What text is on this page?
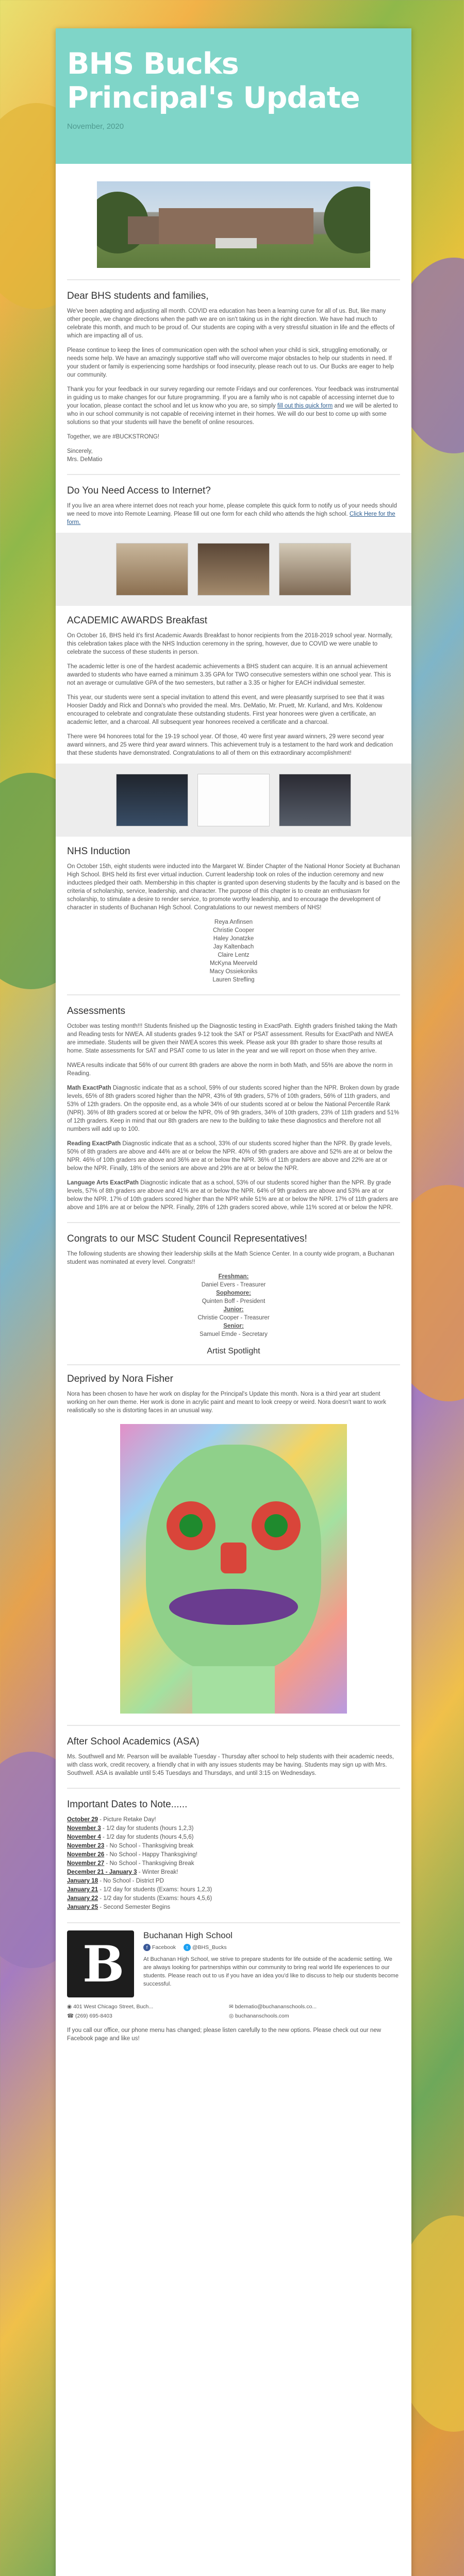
BHS Bucks
Principal's Update
November, 2020
Dear BHS students and families,

We've been adapting and adjusting all month. COVID era education has been a learning curve for all of us. But, like many other people, we change directions when the path we are on isn't taking us in the right direction. We have had much to celebrate this month, and much to be proud of. Our students are coping with a very stressful situation in life and the effects of which are impacting all of us.

Please continue to keep the lines of communication open with the school when your child is sick, struggling emotionally, or needs some help. We have an amazingly supportive staff who will overcome major obstacles to help our students in need. If your student or family is experiencing some hardships or food insecurity, please reach out to us. Our Bucks are eager to help our community.

Thank you for your feedback in our survey regarding our remote Fridays and our conferences. Your feedback was instrumental in guiding us to make changes for our future programming. If you are a family who is not capable of accessing internet due to your location, please contact the school and let us know who you are, so simply fill out this quick form and we will be alerted to who in our school community is not capable of receiving internet in their homes. We will do our best to come up with some solutions so that your students will have the benefit of online resources.

Together, we are #BUCKSTRONG!

Sincerely,
Mrs. DeMatio

Do You Need Access to Internet?

If you live an area where internet does not reach your home, please complete this quick form to notify us of your needs should we need to move into Remote Learning. Please fill out one form for each child who attends the high school. Click Here for the form.

ACADEMIC AWARDS Breakfast

On October 16, BHS held it's first Academic Awards Breakfast to honor recipients from the 2018-2019 school year. Normally, this celebration takes place with the NHS Induction ceremony in the spring, however, due to COVID we were unable to celebrate the success of these students in person.

The academic letter is one of the hardest academic achievements a BHS student can acquire. It is an annual achievement awarded to students who have earned a minimum 3.35 GPA for TWO consecutive semesters within one school year. This is not an average or cumulative GPA of the two semesters, but rather a 3.35 or higher for EACH individual semester.

This year, our students were sent a special invitation to attend this event, and were pleasantly surprised to see that it was Hoosier Daddy and Rick and Donna's who provided the meal. Mrs. DeMatio, Mr. Pruett, Mr. Kurland, and Mrs. Koldenow encouraged to celebrate and congratulate these outstanding students. First year honorees were given a certificate, an academic letter, and a charcoal. All subsequent year honorees received a certificate and a charcoal.

There were 94 honorees total for the 19-19 school year. Of those, 40 were first year award winners, 29 were second year award winners, and 25 were third year award winners. This achievement truly is a testament to the hard work and dedication that these students have demonstrated. Congratulations to all of them on this extraordinary accomplishment!

NHS Induction

On October 15th, eight students were inducted into the Margaret W. Binder Chapter of the National Honor Society at Buchanan High School. BHS held its first ever virtual induction. Current leadership took on roles of the induction ceremony and new inductees pledged their oath. Membership in this chapter is granted upon deserving students by the faculty and is based on the criteria of scholarship, service, leadership, and character. The purpose of this chapter is to create an enthusiasm for scholarship, to stimulate a desire to render service, to promote worthy leadership, and to encourage the development of character in students of Buchanan High School. Congratulations to our newest members of NHS!

Reya Anfinsen

Christie Cooper

Haley Jonatzke

Jay Kaltenbach

Claire Lentz

McKyna Meerveld

Macy Ossiekoniks

Lauren Strefling

Assessments

October was testing month!!! Students finished up the Diagnostic testing in ExactPath. Eighth graders finished taking the Math and Reading tests for NWEA. All students grades 9-12 took the SAT or PSAT assessment. Results for ExactPath and NWEA are immediate. Students will be given their NWEA scores this week. Please ask your 8th grader to share those results at home. State assessments for SAT and PSAT come to us later in the year and we will report on those when they arrive.

NWEA results indicate that 56% of our current 8th graders are above the norm in both Math, and 55% are above the norm in Reading.

Math ExactPath Diagnostic indicate that as a school, 59% of our students scored higher than the NPR. Broken down by grade levels, 65% of 8th graders scored higher than the NPR, 43% of 9th graders, 57% of 10th graders, 56% of 11th graders, and 53% of 12th graders. On the opposite end, as a whole 34% of our students scored at or below the National Percentile Rank (NPR). 36% of 8th graders scored at or below the NPR, 0% of 9th graders, 34% of 10th graders, 23% of 11th graders and 51% of 12th graders. Keep in mind that our 8th graders are new to the building to take these diagnostics and therefore not all numbers will add up to 100.

Reading ExactPath Diagnostic indicate that as a school, 33% of our students scored higher than the NPR. By grade levels, 50% of 8th graders are above and 44% are at or below the NPR. 40% of 9th graders are above and 52% are at or below the NPR. 46% of 10th graders are above and 36% are at or below the NPR. 36% of 11th graders are above and 22% are at or below the NPR. Finally, 18% of the seniors are above and 29% are at or below the NPR.

Language Arts ExactPath Diagnostic indicate that as a school, 53% of our students scored higher than the NPR. By grade levels, 57% of 8th graders are above and 41% are at or below the NPR. 64% of 9th graders are above and 53% are at or below the NPR. 17% of 10th graders scored higher than the NPR while 51% are at or below the NPR. 17% of 11th graders are above and 18% are at or below the NPR. Finally, 28% of 12th graders scored above, while 11% scored at or below the NPR.

Congrats to our MSC Student Council Representatives!

The following students are showing their leadership skills at the Math Science Center. In a county wide program, a Buchanan student was nominated at every level. Congrats!!

Freshman:

Daniel Evers - Treasurer

Sophomore:

Quinten Boff - President

Junior:

Christie Cooper - Treasurer

Senior:

Samuel Emde - Secretary

Artist Spotlight
Deprived by Nora Fisher

Nora has been chosen to have her work on display for the Principal's Update this month. Nora is a third year art student working on her own theme. Her work is done in acrylic paint and meant to look creepy or weird. Nora doesn't want to work realistically so she is distorting faces in an unusual way.

After School Academics (ASA)

Ms. Southwell and Mr. Pearson will be available Tuesday - Thursday after school to help students with their academic needs, with class work, credit recovery, a friendly chat in with any issues students may be having. Students may sign up with Mrs. Southwell. ASA is available until 5:45 Tuesdays and Thursdays, and until 3:15 on Wednesdays.

Important Dates to Note......
October 29 - Picture Retake Day!
November 3 - 1/2 day for students (hours 1,2,3)
November 4 - 1/2 day for students (hours 4,5,6)
November 23 - No School - Thanksgiving break
November 26 - No School - Happy Thanksgiving!
November 27 - No School - Thanksgiving Break
December 21 - January 3 - Winter Break!
January 18 - No School - District PD
January 21 - 1/2 day for students (Exams: hours 1,2,3)
January 22 - 1/2 day for students (Exams: hours 4,5,6)
January 25 - Second Semester Begins
B Buchanan High School
f Facebook t @BHS_Bucks

At Buchanan High School, we strive to prepare students for life outside of the academic setting. We are always looking for partnerships within our community to bring real world life experiences to our students. Please reach out to us if you have an idea you'd like to discuss to help our students become successful.

◉ 401 West Chicago Street, Buch...	✉ bdematio@buchananschools.co...
☎ (269) 695-8403	◎ buchananschools.com

If you call our office, our phone menu has changed; please listen carefully to the new options. Please check out our new Facebook page and like us!
